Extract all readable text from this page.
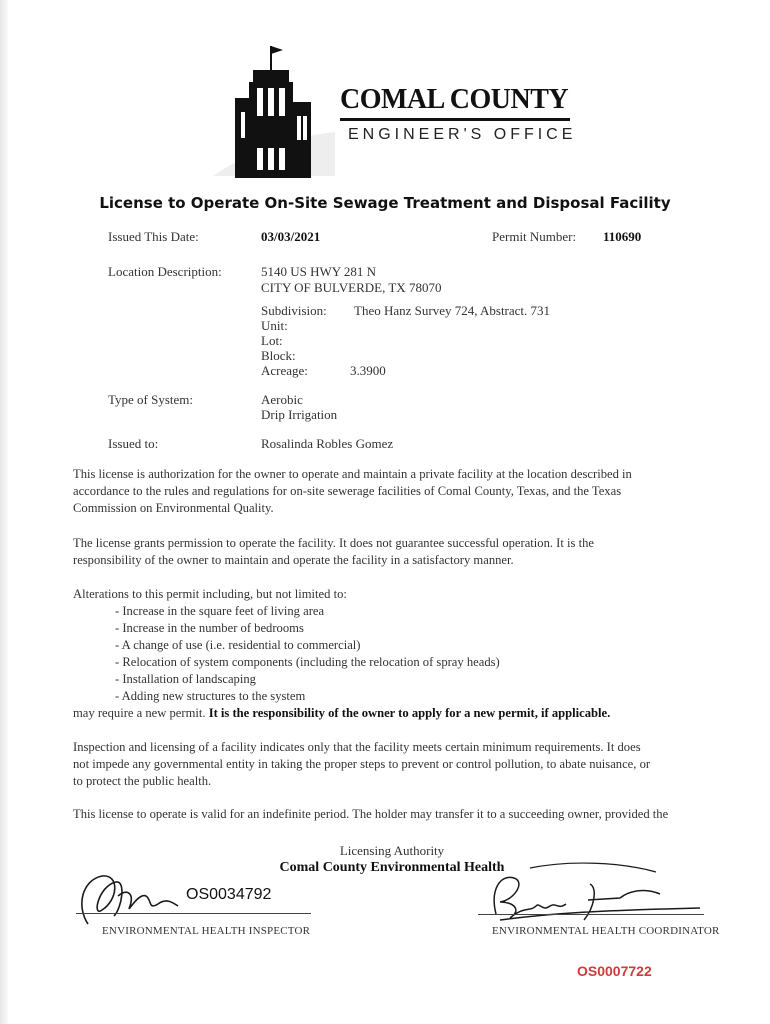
COMAL COUNTY
ENGINEER'S OFFICE
License to Operate On-Site Sewage Treatment and Disposal Facility
Issued This Date:	03/03/2021	Permit Number: 110690
Location Description:	5140 US HWY 281 N
CITY OF BULVERDE, TX 78070
Subdivision: Theo Hanz Survey 724, Abstract. 731
Unit:
Lot:
Block:
Acreage:	3.3900
Type of System:	Aerobic
Drip Irrigation
Issued to:	Rosalinda Robles Gomez
This license is authorization for the owner to operate and maintain a private facility at the location described in accordance to the rules and regulations for on-site sewerage facilities of Comal County, Texas, and the Texas Commission on Environmental Quality.
The license grants permission to operate the facility. It does not guarantee successful operation. It is the responsibility of the owner to maintain and operate the facility in a satisfactory manner.
Alterations to this permit including, but not limited to:
- Increase in the square feet of living area
- Increase in the number of bedrooms
- A change of use (i.e. residential to commercial)
- Relocation of system components (including the relocation of spray heads)
- Installation of landscaping
- Adding new structures to the system
may require a new permit. It is the responsibility of the owner to apply for a new permit, if applicable.
Inspection and licensing of a facility indicates only that the facility meets certain minimum requirements. It does not impede any governmental entity in taking the proper steps to prevent or control pollution, to abate nuisance, or to protect the public health.
This license to operate is valid for an indefinite period. The holder may transfer it to a succeeding owner, provided the
Licensing Authority
Comal County Environmental Health
OS0034792
ENVIRONMENTAL HEALTH INSPECTOR	ENVIRONMENTAL HEALTH COORDINATOR
OS0007722
